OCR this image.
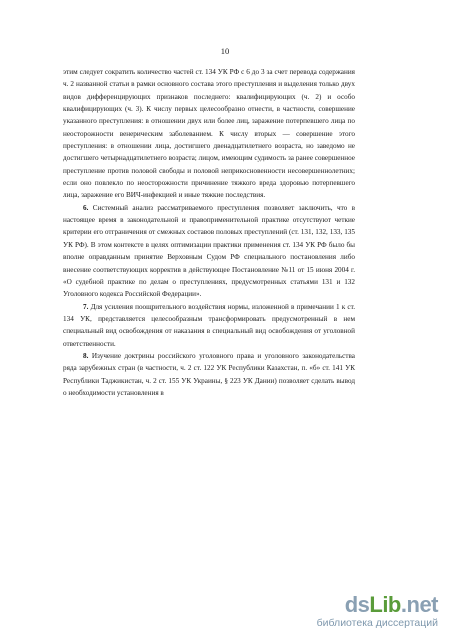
10

этим следует сократить количество частей ст. 134 УК РФ с 6 до 3 за счет перевода содержания ч. 2 названной статьи в рамки основного состава этого преступления и выделения только двух видов дифференцирующих признаков последнего: квалифицирующих (ч. 2) и особо квалифицирующих (ч. 3). К числу первых целесообразно отнести, в частности, совершение указанного преступления: в отношении двух или более лиц, заражение потерпевшего лица по неосторожности венерическим заболеванием. К числу вторых — совершение этого преступления: в отношении лица, достигшего двенадцатилетнего возраста, но заведомо не достигшего четырнадцатилетнего возраста; лицом, имеющим судимость за ранее совершенное преступление против половой свободы и половой неприкосновенности несовершеннолетних; если оно повлекло по неосторожности причинение тяжкого вреда здоровью потерпевшего лица, заражение его ВИЧ-инфекцией и иные тяжкие последствия.

6. Системный анализ рассматриваемого преступления позволяет заключить, что в настоящее время в законодательной и правоприменительной практике отсутствуют четкие критерии его отграничения от смежных составов половых преступлений (ст. 131, 132, 133, 135 УК РФ). В этом контексте в целях оптимизации практики применения ст. 134 УК РФ было бы вполне оправданным принятие Верховным Судом РФ специального постановления либо внесение соответствующих корректив в действующее Постановление №11 от 15 июня 2004 г. «О судебной практике по делам о преступлениях, предусмотренных статьями 131 и 132 Уголовного кодекса Российской Федерации».

7. Для усиления поощрительного воздействия нормы, изложенной в примечании 1 к ст. 134 УК, представляется целесообразным трансформировать предусмотренный в нем специальный вид освобождения от наказания в специальный вид освобождения от уголовной ответственности.

8. Изучение доктрины российского уголовного права и уголовного законодательства ряда зарубежных стран (в частности, ч. 2 ст. 122 УК Республики Казахстан, п. «б» ст. 141 УК Республики Таджикистан, ч. 2 ст. 155 УК Украины, § 223 УК Дании) позволяет сделать вывод о необходимости установления в

dsLib.net
библиотека диссертаций
